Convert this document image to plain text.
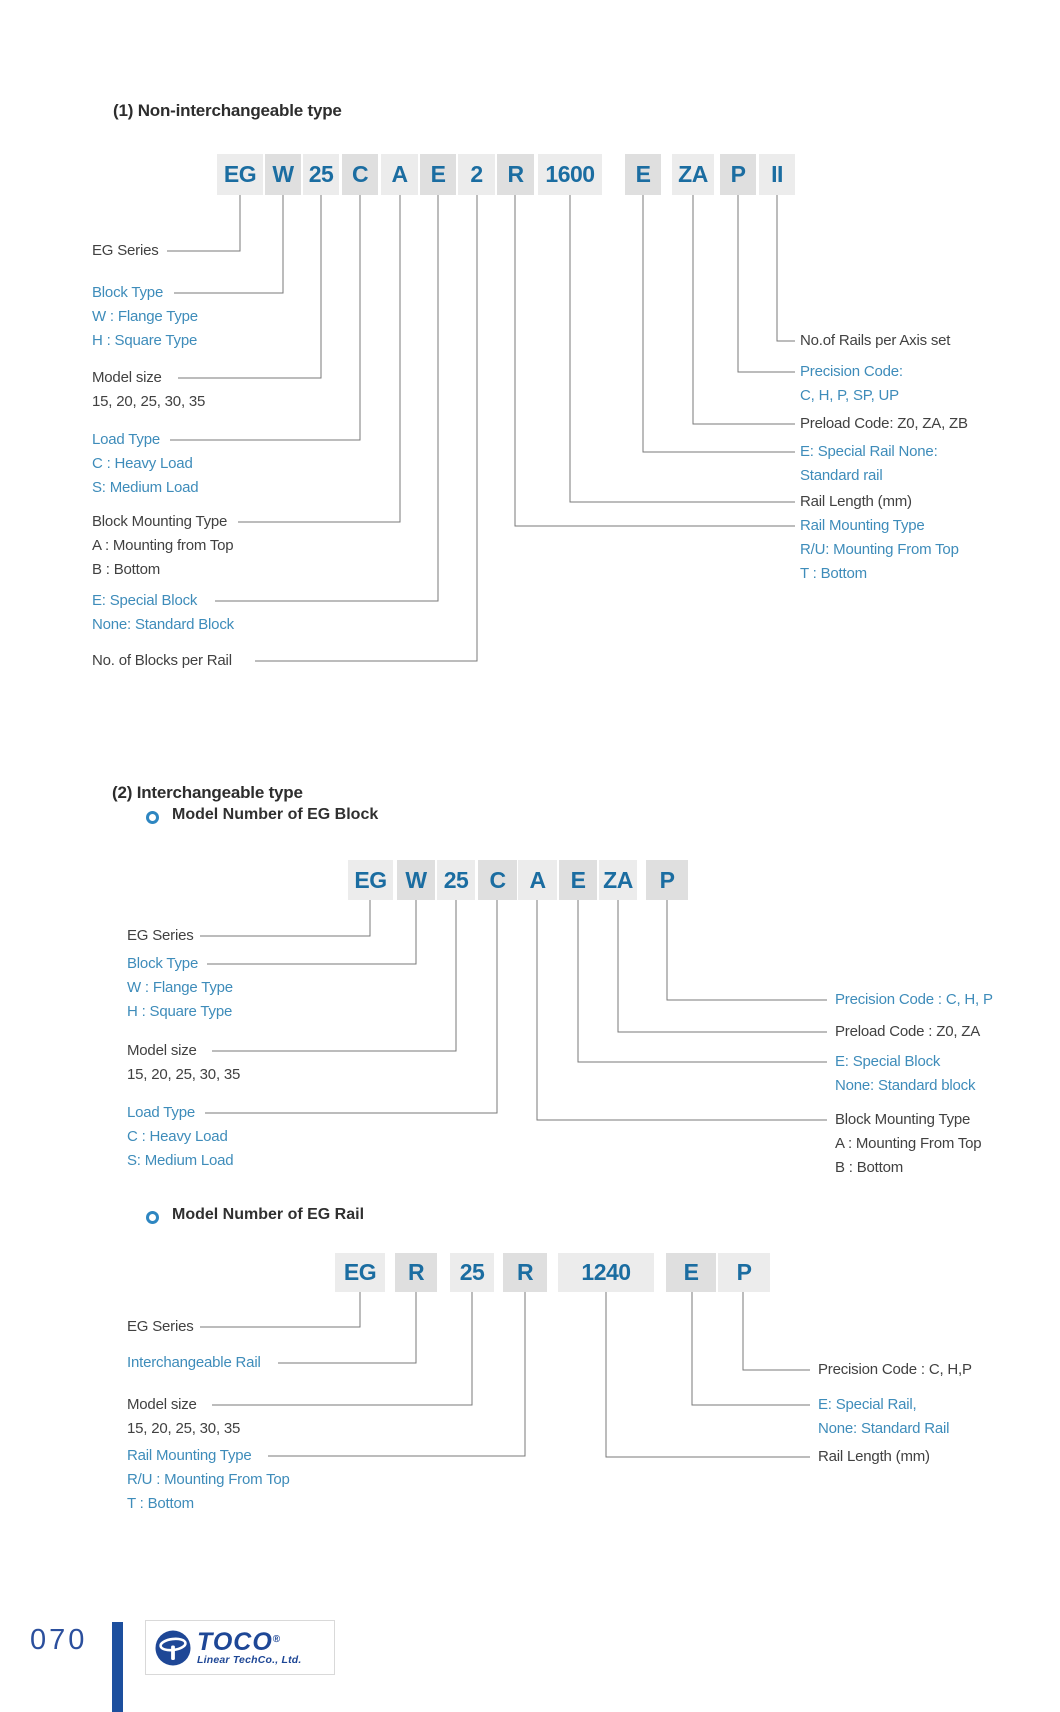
(1) Non-interchangeable type
EG W 25 C	A	E	2	R 1600	E	ZA P	II
EG Series
Block Type
W : Flange Type
H : Square Type
Model size
15, 20, 25, 30, 35
Load Type
C : Heavy Load
S: Medium Load
Block Mounting Type
A : Mounting from Top
B : Bottom
E: Special Block
None: Standard Block
No. of Blocks per Rail
No.of Rails per Axis set
Precision Code:
C, H, P, SP, UP
Preload Code: Z0, ZA, ZB
E: Special Rail None:
Standard rail
Rail Length (mm)
Rail Mounting Type
R/U: Mounting From Top
T : Bottom
(2) Interchangeable type
Model Number of EG Block
EG W 25 C	A	E ZA	P
EG Series
Block Type
W : Flange Type
H : Square Type
Model size
15, 20, 25, 30, 35
Load Type
C : Heavy Load
S: Medium Load
Precision Code : C, H, P
Preload Code : Z0, ZA
E: Special Block
None: Standard block
Block Mounting Type
A : Mounting From Top
B : Bottom
Model Number of EG Rail
EG	R	25	R	1240	E	P
EG Series
Interchangeable Rail
Model size
15, 20, 25, 30, 35
Rail Mounting Type
R/U : Mounting From Top
T : Bottom
Precision Code : C, H,P
E: Special Rail,
None: Standard Rail
Rail Length (mm)
070	TOCO ®
Linear TechCo., Ltd.
